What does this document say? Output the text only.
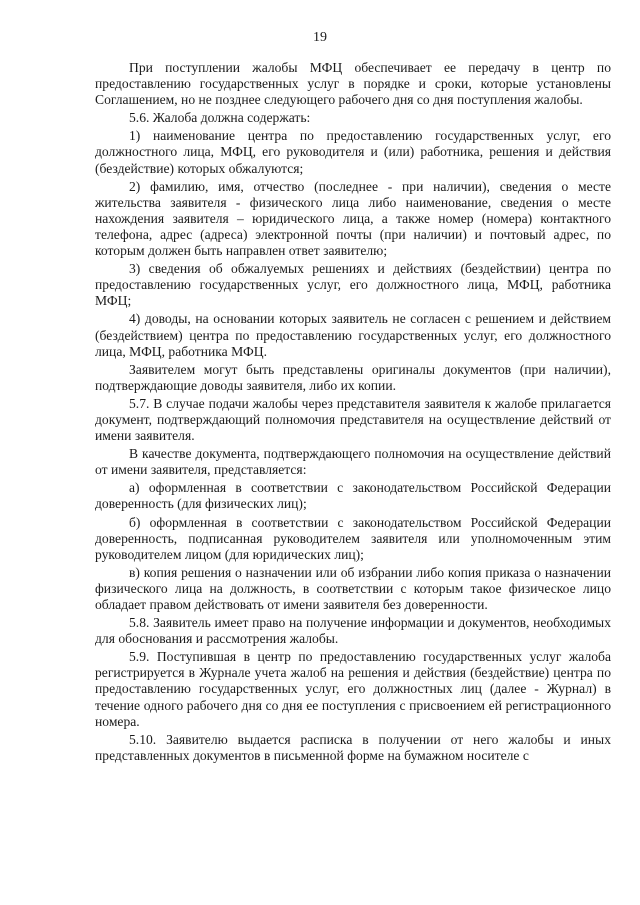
19

При поступлении жалобы МФЦ обеспечивает ее передачу в центр по предоставлению государственных услуг в порядке и сроки, которые установлены Соглашением, но не позднее следующего рабочего дня со дня поступления жалобы.

5.6. Жалоба должна содержать:

1) наименование центра по предоставлению государственных услуг, его должностного лица, МФЦ, его руководителя и (или) работника, решения и действия (бездействие) которых обжалуются;

2) фамилию, имя, отчество (последнее - при наличии), сведения о месте жительства заявителя - физического лица либо наименование, сведения о месте нахождения заявителя – юридического лица, а также номер (номера) контактного телефона, адрес (адреса) электронной почты (при наличии) и почтовый адрес, по которым должен быть направлен ответ заявителю;

3) сведения об обжалуемых решениях и действиях (бездействии) центра по предоставлению государственных услуг, его должностного лица, МФЦ, работника МФЦ;

4) доводы, на основании которых заявитель не согласен с решением и действием (бездействием) центра по предоставлению государственных услуг, его должностного лица, МФЦ, работника МФЦ.

Заявителем могут быть представлены оригиналы документов (при наличии), подтверждающие доводы заявителя, либо их копии.

5.7. В случае подачи жалобы через представителя заявителя к жалобе прилагается документ, подтверждающий полномочия представителя на осуществление действий от имени заявителя.

В качестве документа, подтверждающего полномочия на осуществление действий от имени заявителя, представляется:

а) оформленная в соответствии с законодательством Российской Федерации доверенность (для физических лиц);

б) оформленная в соответствии с законодательством Российской Федерации доверенность, подписанная руководителем заявителя или уполномоченным этим руководителем лицом (для юридических лиц);

в) копия решения о назначении или об избрании либо копия приказа о назначении физического лица на должность, в соответствии с которым такое физическое лицо обладает правом действовать от имени заявителя без доверенности.

5.8. Заявитель имеет право на получение информации и документов, необходимых для обоснования и рассмотрения жалобы.

5.9. Поступившая в центр по предоставлению государственных услуг жалоба регистрируется в Журнале учета жалоб на решения и действия (бездействие) центра по предоставлению государственных услуг, его должностных лиц (далее - Журнал) в течение одного рабочего дня со дня ее поступления с присвоением ей регистрационного номера.

5.10. Заявителю выдается расписка в получении от него жалобы и иных представленных документов в письменной форме на бумажном носителе с
